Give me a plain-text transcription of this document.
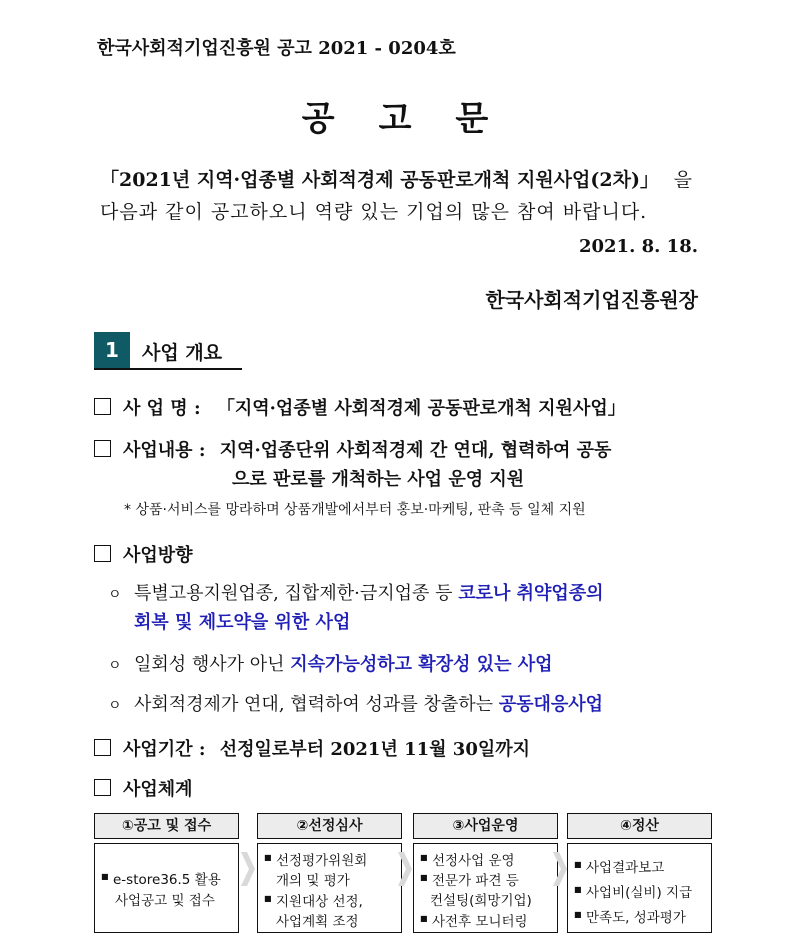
한국사회적기업진흥원 공고 2021 - 0204호
공고문
「2021년 지역·업종별 사회적경제 공동판로개척 지원사업(2차)」 을
다음과 같이 공고하오니 역량 있는 기업의 많은 참여 바랍니다.
2021. 8. 18.
한국사회적기업진흥원장
1	사업 개요
사 업 명 : 「지역·업종별 사회적경제 공동판로개척 지원사업」
사업내용 : 지역·업종단위 사회적경제 간 연대, 협력하여 공동
으로 판로를 개척하는 사업 운영 지원
* 상품·서비스를 망라하며 상품개발에서부터 홍보·마케팅, 판촉 등 일체 지원
사업방향
ㅇ 특별고용지원업종, 집합제한·금지업종 등 코로나 취약업종의
회복 및 제도약을 위한 사업
ㅇ 일회성 행사가 아닌 지속가능성하고 확장성 있는 사업
ㅇ 사회적경제가 연대, 협력하여 성과를 창출하는 공동대응사업
사업기간 : 선정일로부터 2021년 11월 30일까지
사업체계
①공고 및 접수
■ e-store36.5 활용
사업공고 및 접수
②선정심사
■ 선정평가위원회
개의 및 평가
■ 지원대상 선정,
사업계획 조정
③사업운영
■ 선정사업 운영
■ 전문가 파견 등
컨설팅(희망기업)
■ 사전후 모니터링
④정산
■ 사업결과보고
■ 사업비(실비) 지급
■ 만족도, 성과평가
